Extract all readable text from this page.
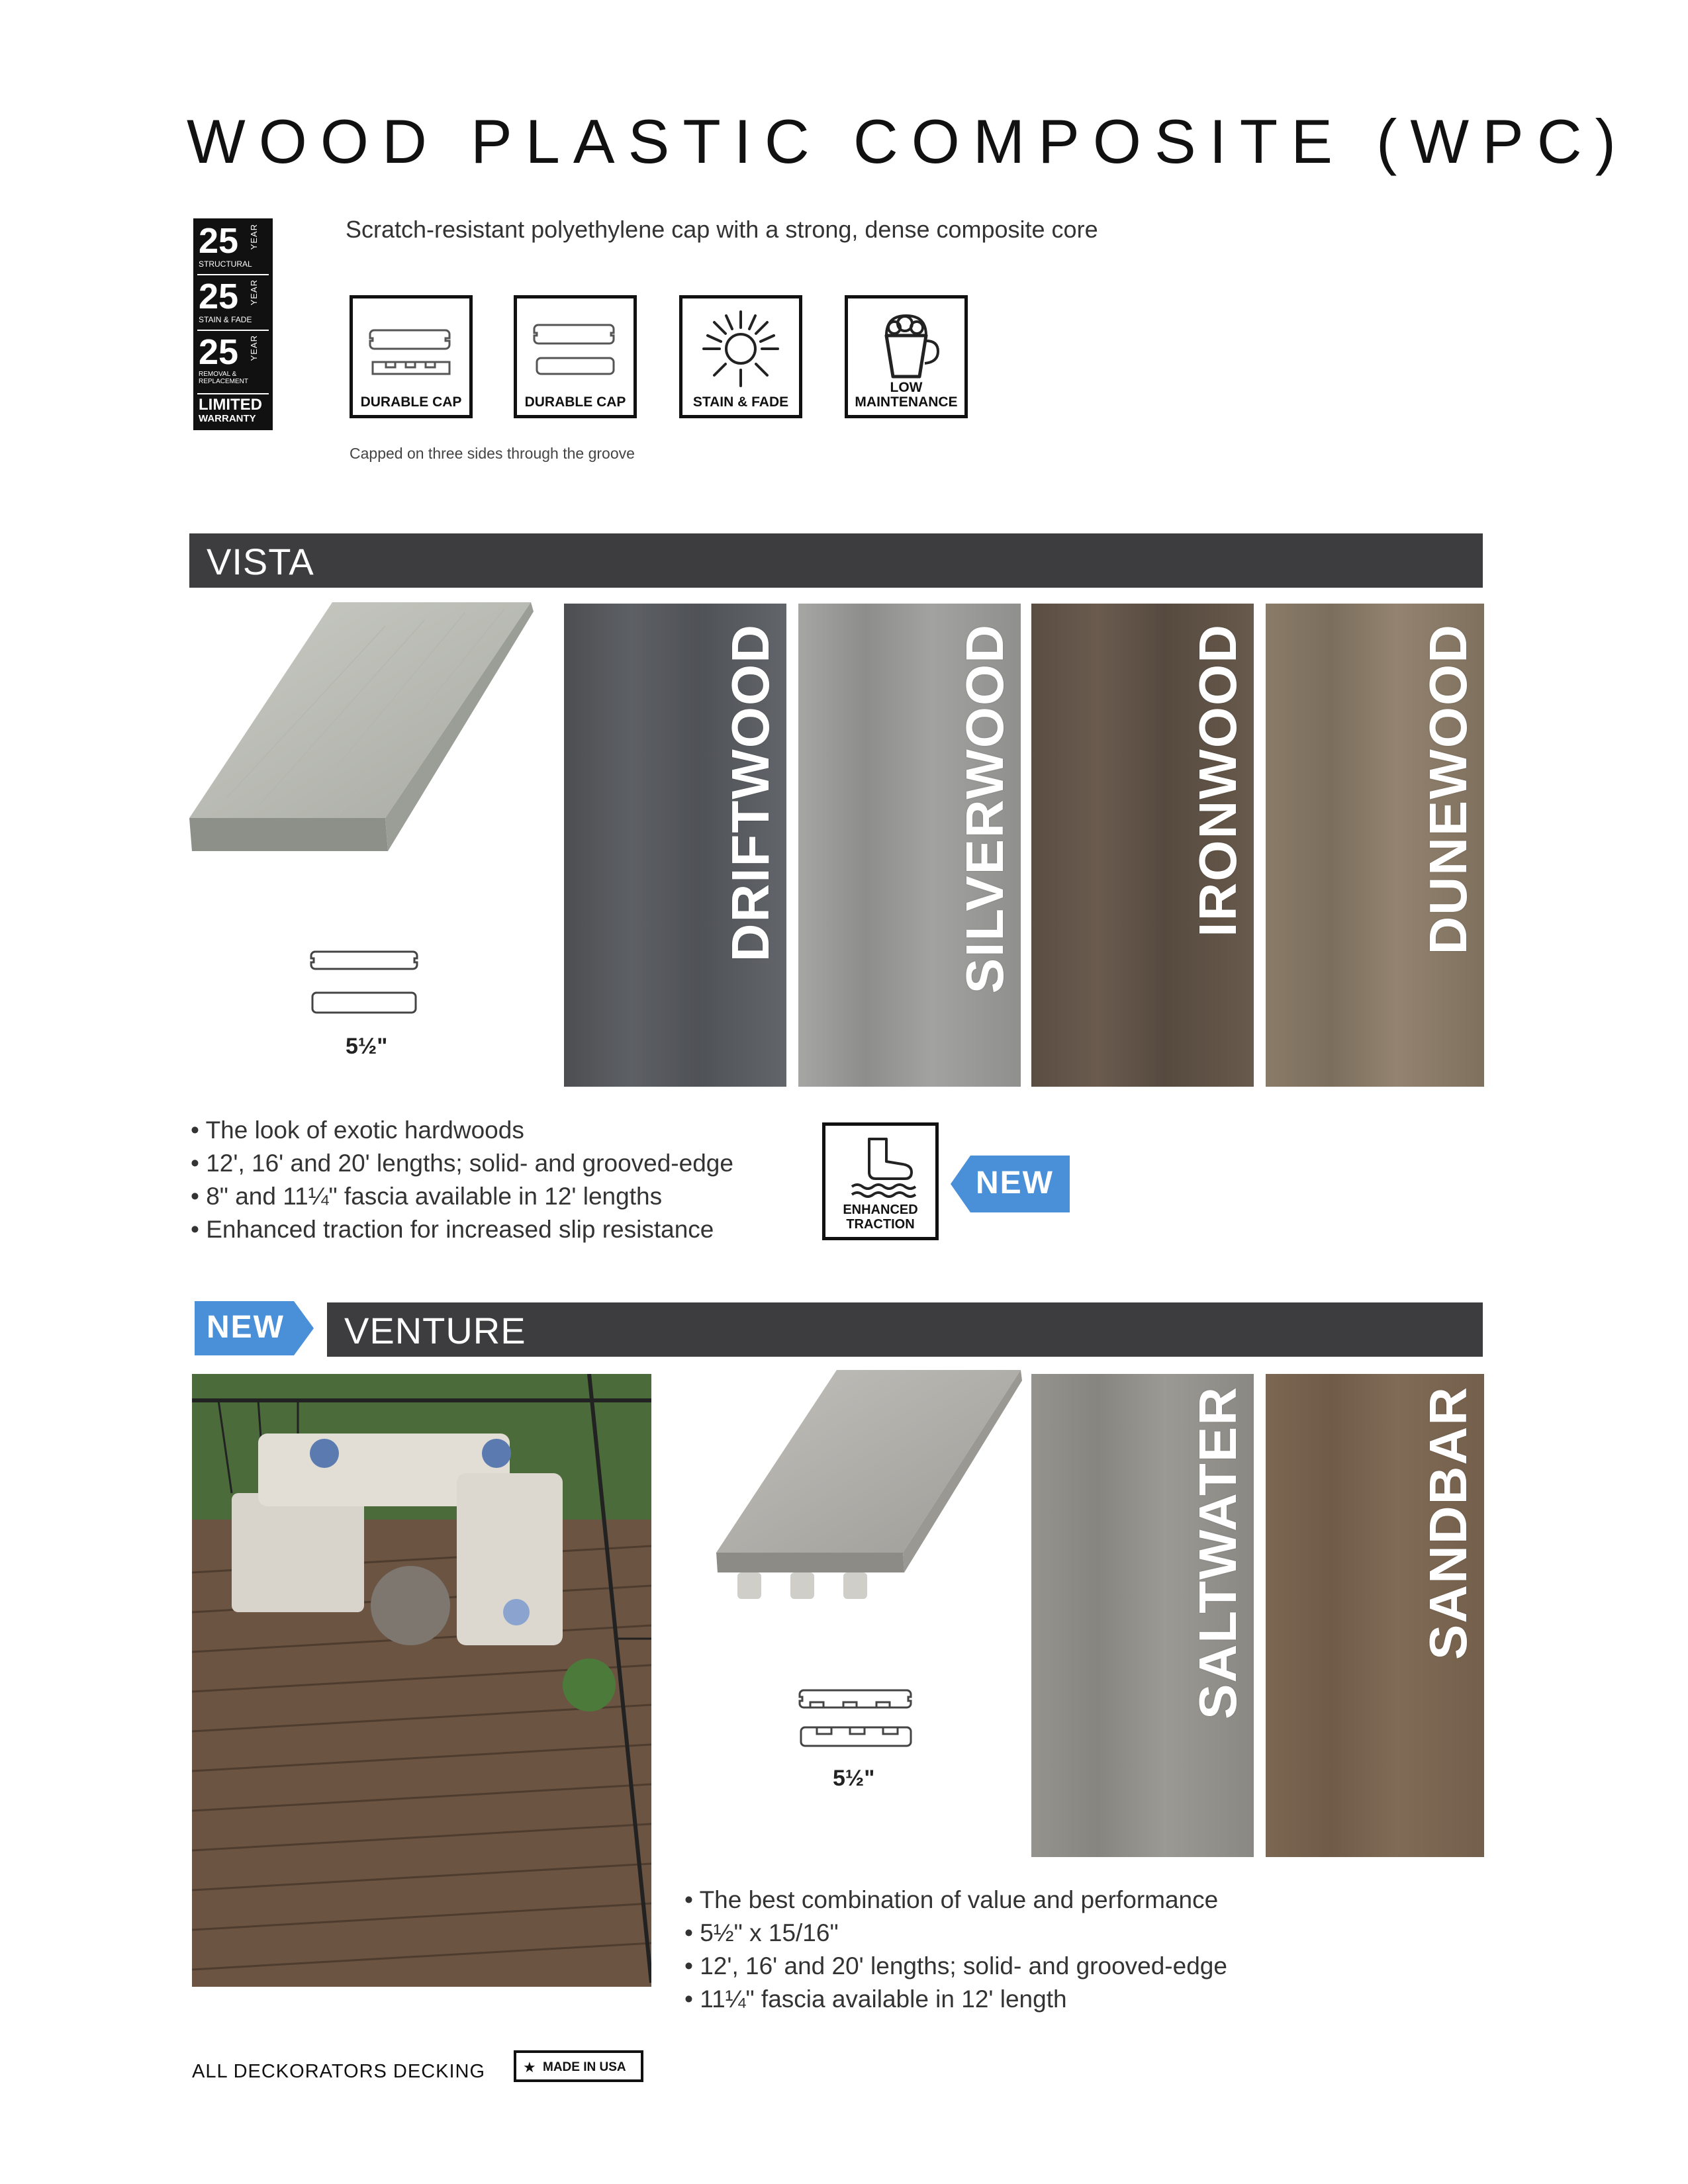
WOOD PLASTIC COMPOSITE (WPC)
25 YEAR
STRUCTURAL
25 YEAR
STAIN & FADE
25 YEAR
REMOVAL & REPLACEMENT
LIMITED
WARRANTY
Scratch-resistant polyethylene cap with a strong, dense composite core
DURABLE CAP	DURABLE CAP	STAIN & FADE
LOW MAINTENANCE
Capped on three sides through the groove
VISTA
5½"
DRIFTWOOD	SILVERWOOD	IRONWOOD	DUNEWOOD
• The look of exotic hardwoods
• 12', 16' and 20' lengths; solid- and grooved-edge
• 8" and 11¼" fascia available in 12' lengths
• Enhanced traction for increased slip resistance
ENHANCED TRACTION
NEW
NEW VENTURE
5½"
SALTWATER	SANDBAR
• The best combination of value and performance
• 5½" x 15/16"
• 12', 16' and 20' lengths; solid- and grooved-edge
• 11¼" fascia available in 12' length
ALL DECKORATORS DECKING	★ MADE IN USA
